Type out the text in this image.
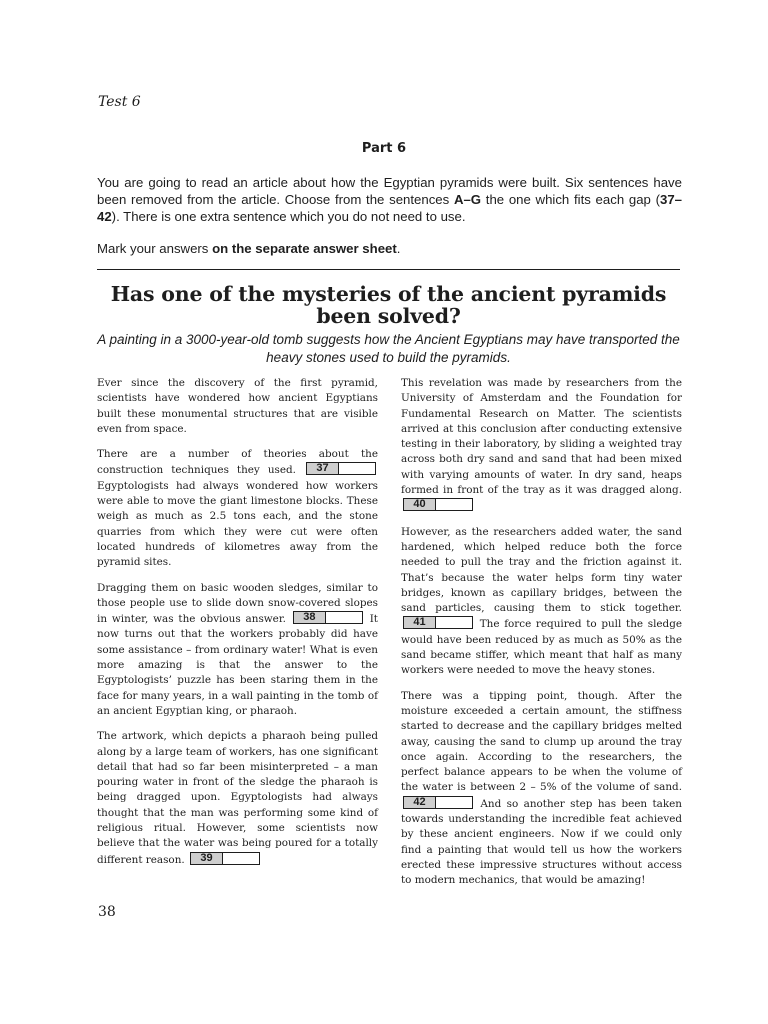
Test 6
Part 6

You are going to read an article about how the Egyptian pyramids were built. Six sentences have been removed from the article. Choose from the sentences A–G the one which fits each gap (37–42). There is one extra sentence which you do not need to use.

Mark your answers on the separate answer sheet.

Has one of the mysteries of the ancient pyramids been solved?

A painting in a 3000-year-old tomb suggests how the Ancient Egyptians may have transported the heavy stones used to build the pyramids.

Ever since the discovery of the first pyramid, scientists have wondered how ancient Egyptians built these monumental structures that are visible even from space.

There are a number of theories about the construction techniques they used.	37
Egyptologists had always wondered how workers were able to move the giant limestone blocks. These weigh as much as 2.5 tons each, and the stone quarries from which they were cut were often located hundreds of kilometres away from the pyramid sites.

Dragging them on basic wooden sledges, similar to those people use to slide down snow-covered slopes in winter, was the obvious answer.	38	It now turns out that the workers probably did have some assistance – from ordinary water! What is even more amazing is that the answer to the Egyptologists’ puzzle has been staring them in the face for many years, in a wall painting in the tomb of an ancient Egyptian king, or pharaoh.

The artwork, which depicts a pharaoh being pulled along by a large team of workers, has one significant detail that had so far been misinterpreted – a man pouring water in front of the sledge the pharaoh is being dragged upon. Egyptologists had always thought that the man was performing some kind of religious ritual. However, some scientists now believe that the water was being poured for a totally different reason.	39

This revelation was made by researchers from the University of Amsterdam and the Foundation for Fundamental Research on Matter. The scientists arrived at this conclusion after conducting extensive testing in their laboratory, by sliding a weighted tray across both dry sand and sand that had been mixed with varying amounts of water. In dry sand, heaps formed in front of the tray as it was dragged along.
40

However, as the researchers added water, the sand hardened, which helped reduce both the force needed to pull the tray and the friction against it. That’s because the water helps form tiny water bridges, known as capillary bridges, between the sand particles, causing them to stick together.
41	The force required to pull the sledge would have been reduced by as much as 50% as the sand became stiffer, which meant that half as many workers were needed to move the heavy stones.

There was a tipping point, though. After the moisture exceeded a certain amount, the stiffness started to decrease and the capillary bridges melted away, causing the sand to clump up around the tray once again. According to the researchers, the perfect balance appears to be when the volume of the water is between 2 – 5% of the volume of sand.
42	And so another step has been taken towards understanding the incredible feat achieved by these ancient engineers. Now if we could only find a painting that would tell us how the workers erected these impressive structures without access to modern mechanics, that would be amazing!

38
